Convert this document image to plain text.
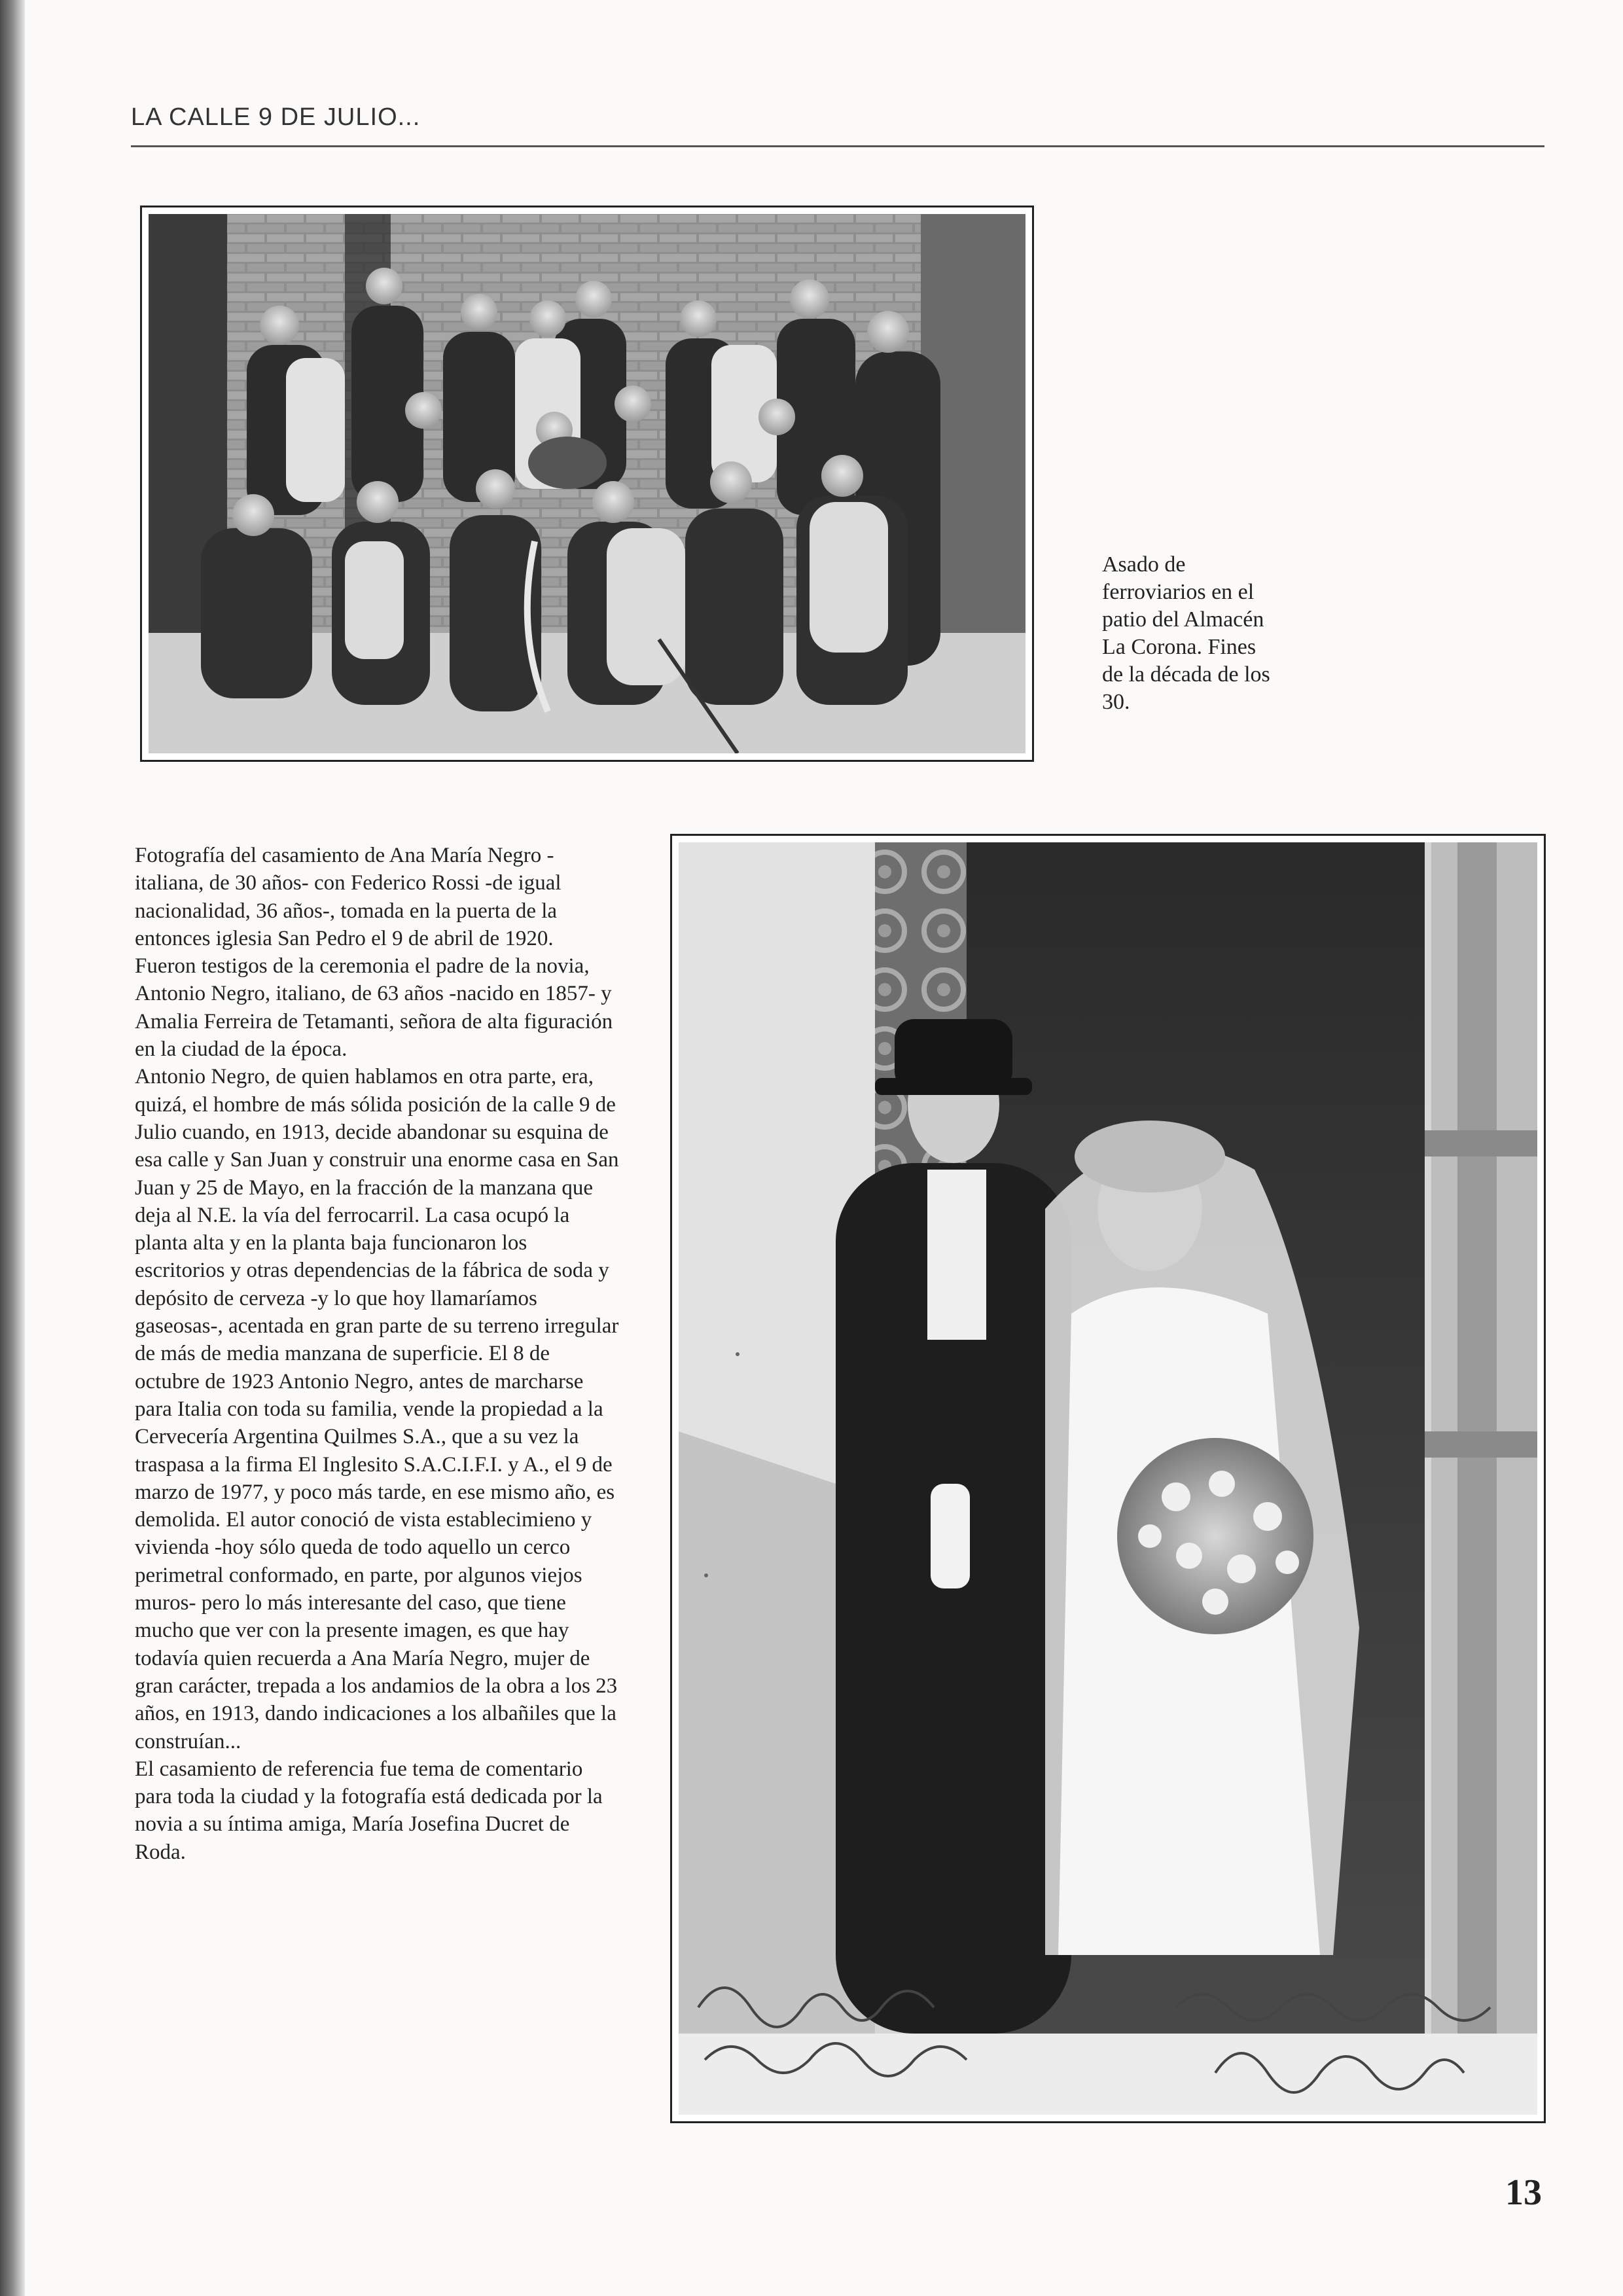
LA CALLE 9 DE JULIO...
Asado de ferroviarios en el patio del Almacén La Corona. Fines de la década de los 30.

Fotografía del casamiento de Ana María Negro -italiana, de 30 años- con Federico Rossi -de igual nacionalidad, 36 años-, tomada en la puerta de la entonces iglesia San Pedro el 9 de abril de 1920. Fueron testigos de la ceremonia el padre de la novia, Antonio Negro, italiano, de 63 años -nacido en 1857- y Amalia Ferreira de Tetamanti, señora de alta figuración en la ciudad de la época.

Antonio Negro, de quien hablamos en otra parte, era, quizá, el hombre de más sólida posición de la calle 9 de Julio cuando, en 1913, decide abandonar su esquina de esa calle y San Juan y construir una enorme casa en San Juan y 25 de Mayo, en la fracción de la manzana que deja al N.E. la vía del ferrocarril. La casa ocupó la planta alta y en la planta baja funcionaron los escritorios y otras dependencias de la fábrica de soda y depósito de cerveza -y lo que hoy llamaríamos gaseosas-, acentada en gran parte de su terreno irregular de más de media manzana de superficie. El 8 de octubre de 1923 Antonio Negro, antes de marcharse para Italia con toda su familia, vende la propiedad a la Cervecería Argentina Quilmes S.A., que a su vez la traspasa a la firma El Inglesito S.A.C.I.F.I. y A., el 9 de marzo de 1977, y poco más tarde, en ese mismo año, es demolida. El autor conoció de vista establecimieno y vivienda -hoy sólo queda de todo aquello un cerco perimetral conformado, en parte, por algunos viejos muros- pero lo más interesante del caso, que tiene mucho que ver con la presente imagen, es que hay todavía quien recuerda a Ana María Negro, mujer de gran carácter, trepada a los andamios de la obra a los 23 años, en 1913, dando indicaciones a los albañiles que la construían...

El casamiento de referencia fue tema de comentario para toda la ciudad y la fotografía está dedicada por la novia a su íntima amiga, María Josefina Ducret de Roda.

13
